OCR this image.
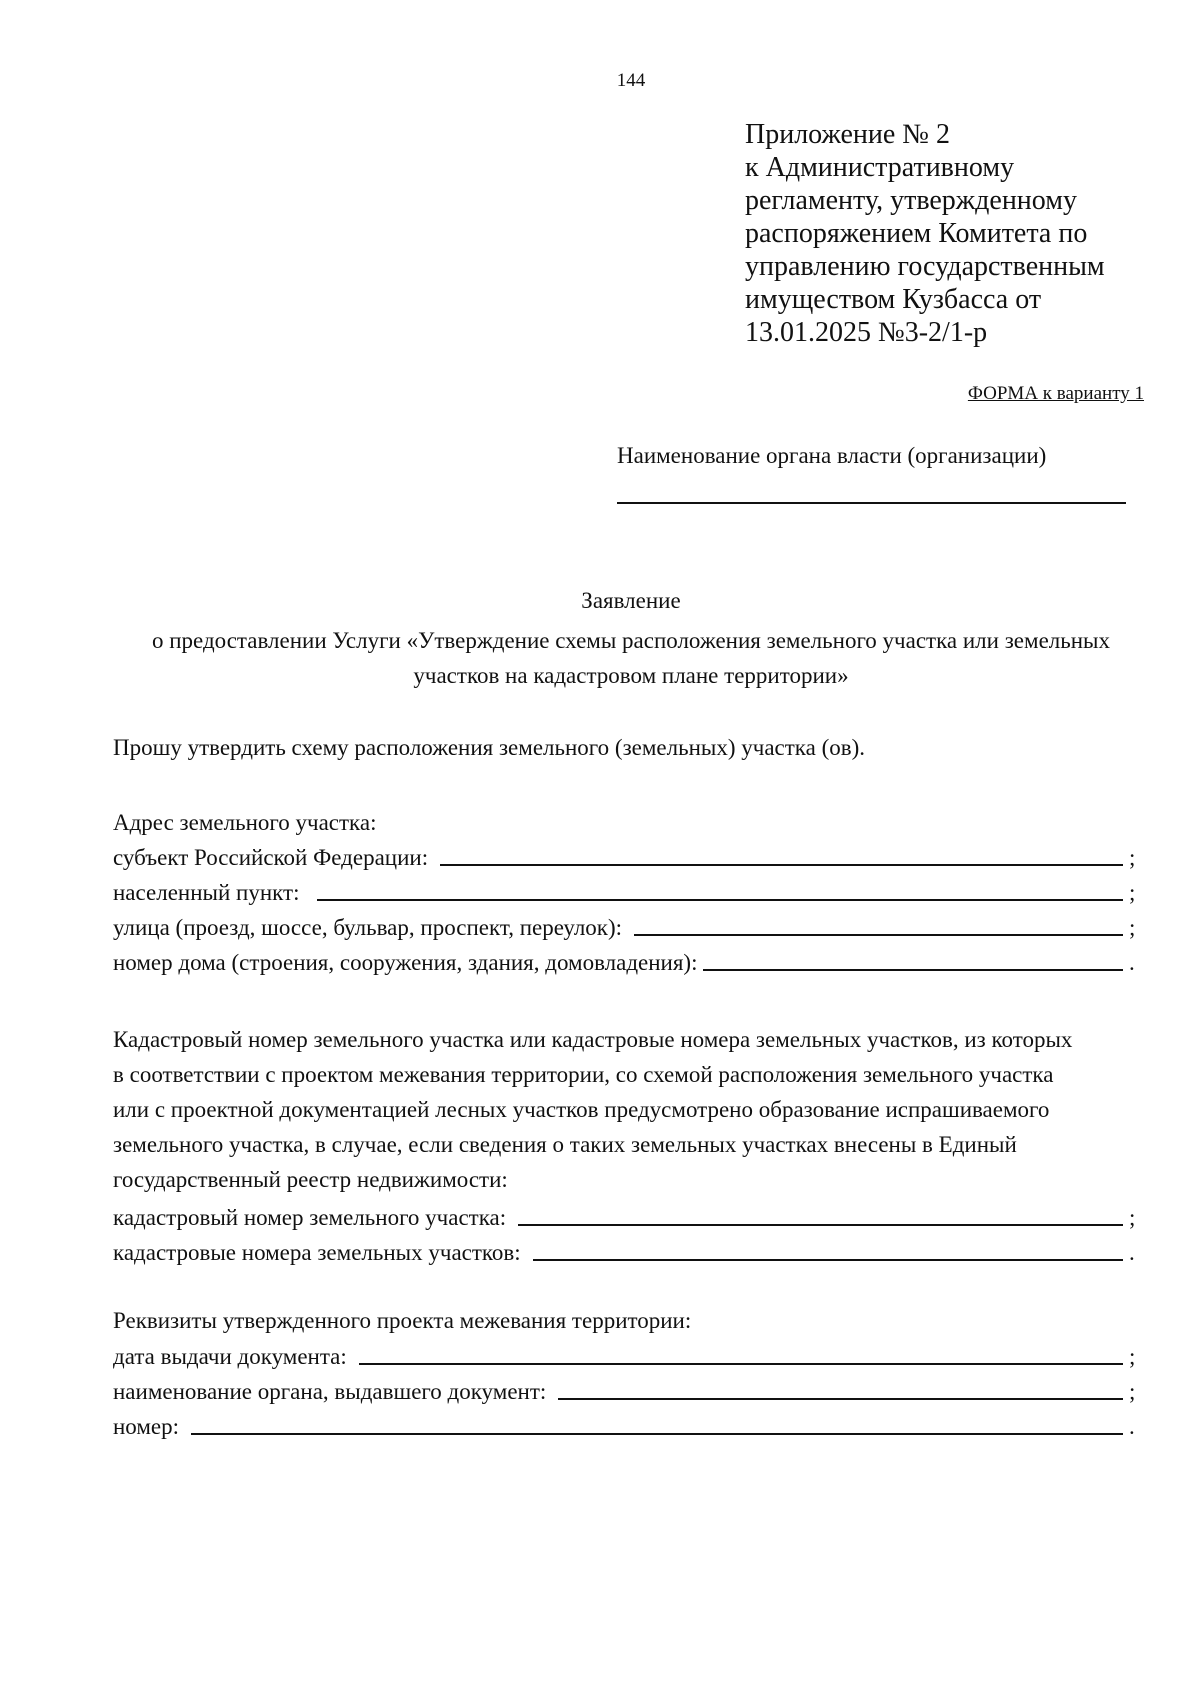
144
Приложение № 2
к Административному
регламенту, утвержденному
распоряжением Комитета по
управлению государственным
имуществом Кузбасса от
13.01.2025 №3-2/1-р
ФОРМА к варианту 1
Наименование органа власти (организации)
Заявление
о предоставлении Услуги «Утверждение схемы расположения земельного участка или земельных
участков на кадастровом плане территории»
Прошу утвердить схему расположения земельного (земельных) участка (ов).
Адрес земельного участка:
субъект Российской Федерации:	;
населенный пункт:	;
улица (проезд, шоссе, бульвар, проспект, переулок):	;
номер дома (строения, сооружения, здания, домовладения):	.
Кадастровый номер земельного участка или кадастровые номера земельных участков, из которых
в соответствии с проектом межевания территории, со схемой расположения земельного участка
или с проектной документацией лесных участков предусмотрено образование испрашиваемого
земельного участка, в случае, если сведения о таких земельных участках внесены в Единый
государственный реестр недвижимости:
кадастровый номер земельного участка:	;
кадастровые номера земельных участков:	.
Реквизиты утвержденного проекта межевания территории:
дата выдачи документа:	;
наименование органа, выдавшего документ:	;
номер:	.
